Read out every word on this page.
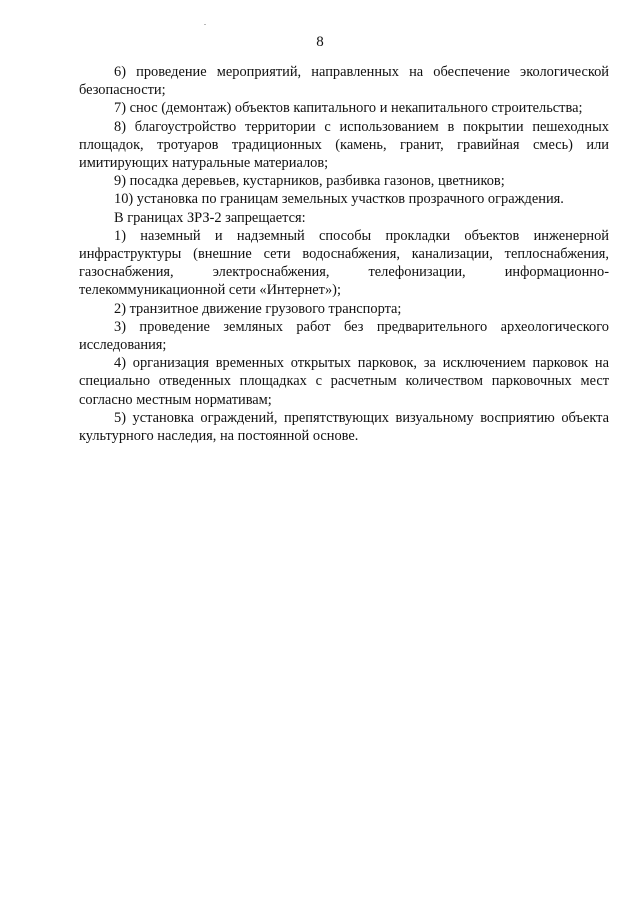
8

6) проведение мероприятий, направленных на обеспечение экологической безопасности;

7) снос (демонтаж) объектов капитального и некапитального строительства;

8) благоустройство территории с использованием в покрытии пешеходных площадок, тротуаров традиционных (камень, гранит, гравийная смесь) или имитирующих натуральные материалов;

9) посадка деревьев, кустарников, разбивка газонов, цветников;

10) установка по границам земельных участков прозрачного ограждения.

В границах ЗРЗ-2 запрещается:

1) наземный и надземный способы прокладки объектов инженерной инфраструктуры (внешние сети водоснабжения, канализации, теплоснабжения, газоснабжения, электроснабжения, телефонизации, информационно-телекоммуникационной сети «Интернет»);

2) транзитное движение грузового транспорта;

3) проведение земляных работ без предварительного археологического исследования;

4) организация временных открытых парковок, за исключением парковок на специально отведенных площадках с расчетным количеством парковочных мест согласно местным нормативам;

5) установка ограждений, препятствующих визуальному восприятию объекта культурного наследия, на постоянной основе.
